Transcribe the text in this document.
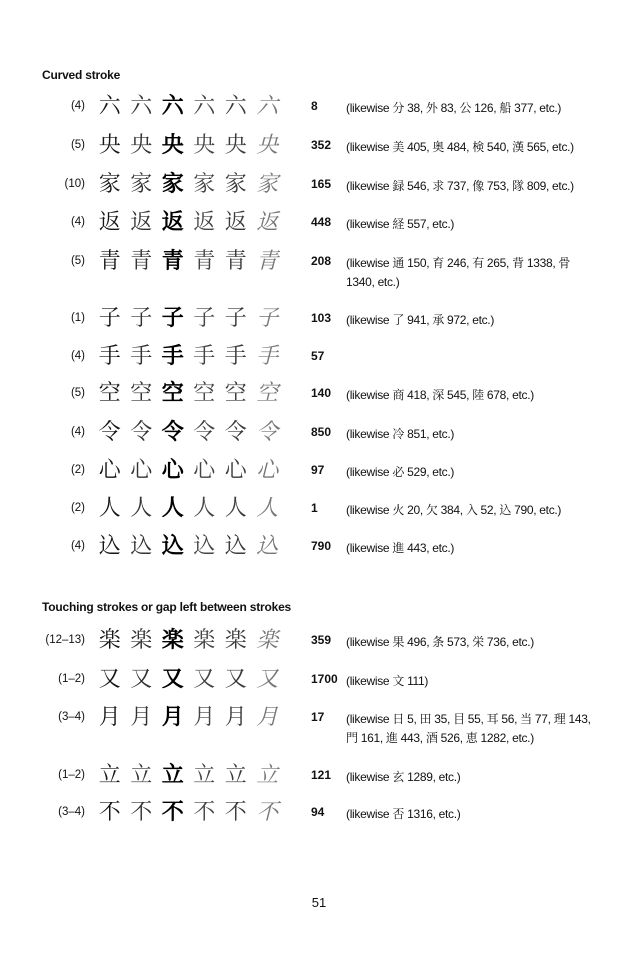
Curved stroke
(4) 六 六 六 六 六 六	8 (likewise 分 38, 外 83, 公 126, 船 377, etc.)
(5) 央 央 央 央 央 央	352 (likewise 美 405, 奥 484, 検 540, 漢 565, etc.)
(10) 家 家 家 家 家 家	165 (likewise 録 546, 求 737, 像 753, 隊 809, etc.)
(4) 返 返 返 返 返 返	448 (likewise 経 557, etc.)
(5) 青 青 青 青 青 青	208 (likewise 通 150, 育 246, 有 265, 背 1338, 骨 1340, etc.)
(1) 子 子 子 子 子 子	103 (likewise 了 941, 承 972, etc.)
(4) 手 手 手 手 手 手	57
(5) 空 空 空 空 空 空	140 (likewise 商 418, 深 545, 陸 678, etc.)
(4) 令 令 令 令 令 令	850 (likewise 冷 851, etc.)
(2) 心 心 心 心 心 心	97 (likewise 必 529, etc.)
(2) 人 人 人 人 人 人	1 (likewise 火 20, 欠 384, 入 52, 込 790, etc.)
(4) 込 込 込 込 込 込	790 (likewise 進 443, etc.)
Touching strokes or gap left between strokes
(12–13) 楽 楽 楽 楽 楽 楽	359 (likewise 果 496, 条 573, 栄 736, etc.)
(1–2) 又 又 又 又 又 又	1700 (likewise 文 111)
(3–4) 月 月 月 月 月 月	17 (likewise 日 5, 田 35, 目 55, 耳 56, 当 77, 理 143, 門 161, 進 443, 酒 526, 恵 1282, etc.)
(1–2) 立 立 立 立 立 立	121 (likewise 玄 1289, etc.)
(3–4) 不 不 不 不 不 不	94 (likewise 否 1316, etc.)
51
